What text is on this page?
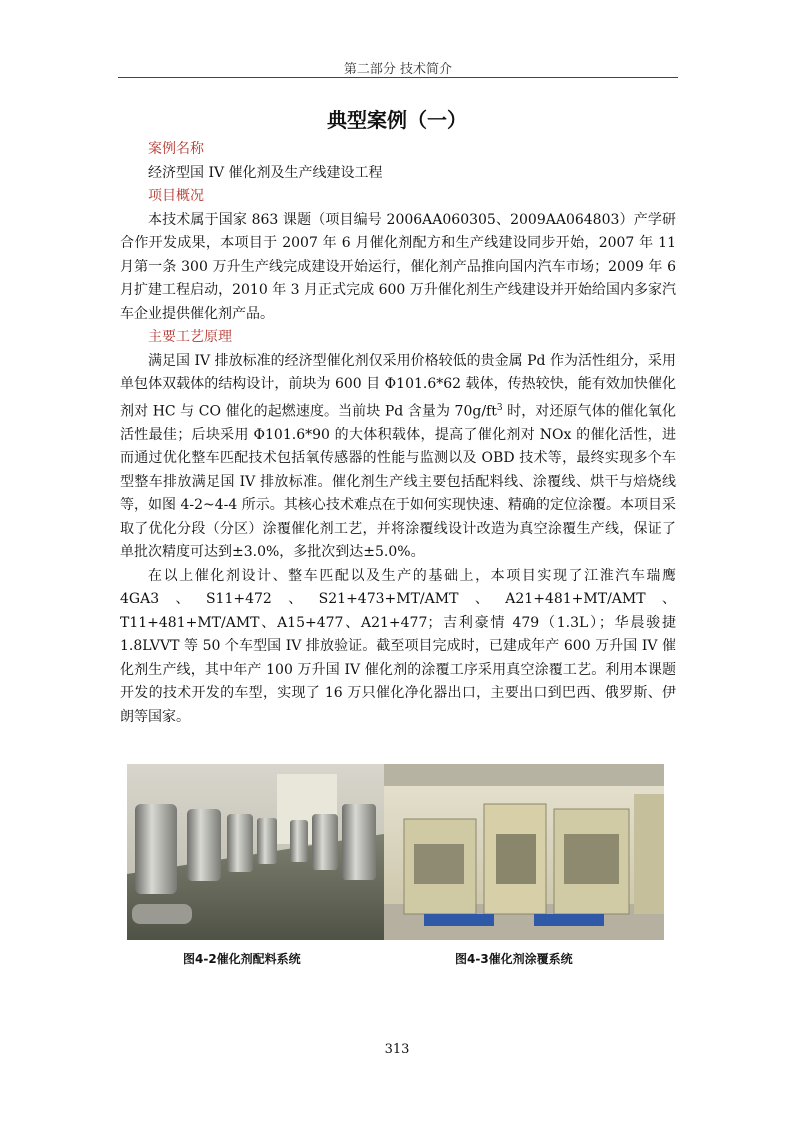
第二部分 技术简介
典型案例（一）
案例名称
经济型国 IV 催化剂及生产线建设工程
项目概况

本技术属于国家 863 课题（项目编号 2006AA060305、2009AA064803）产学研合作开发成果，本项目于 2007 年 6 月催化剂配方和生产线建设同步开始，2007 年 11 月第一条 300 万升生产线完成建设开始运行，催化剂产品推向国内汽车市场；2009 年 6 月扩建工程启动，2010 年 3 月正式完成 600 万升催化剂生产线建设并开始给国内多家汽车企业提供催化剂产品。

主要工艺原理

满足国 IV 排放标准的经济型催化剂仅采用价格较低的贵金属 Pd 作为活性组分，采用单包体双载体的结构设计，前块为 600 目 Φ101.6*62 载体，传热较快，能有效加快催化剂对 HC 与 CO 催化的起燃速度。当前块 Pd 含量为 $70g/ft^3$ 时，对还原气体的催化氧化活性最佳；后块采用 Φ101.6*90 的大体积载体，提高了催化剂对 NOx 的催化活性，进而通过优化整车匹配技术包括氧传感器的性能与监测以及 OBD 技术等，最终实现多个车型整车排放满足国 IV 排放标准。催化剂生产线主要包括配料线、涂覆线、烘干与焙烧线等，如图 4-2~4-4 所示。其核心技术难点在于如何实现快速、精确的定位涂覆。本项目采取了优化分段（分区）涂覆催化剂工艺，并将涂覆线设计改造为真空涂覆生产线，保证了单批次精度可达到±3.0%，多批次到达±5.0%。

在以上催化剂设计、整车匹配以及生产的基础上，本项目实现了江淮汽车瑞鹰 4GA3、S11+472、S21+473+MT/AMT、A21+481+MT/AMT、T11+481+MT/AMT、A15+477、A21+477；吉利豪情 479（1.3L）；华晨骏捷 1.8LVVT 等 50 个车型国 IV 排放验证。截至项目完成时，已建成年产 600 万升国 IV 催化剂生产线，其中年产 100 万升国 IV 催化剂的涂覆工序采用真空涂覆工艺。利用本课题开发的技术开发的车型，实现了 16 万只催化净化器出口，主要出口到巴西、俄罗斯、伊朗等国家。

图4-2催化剂配料系统	图4-3催化剂涂覆系统
313
